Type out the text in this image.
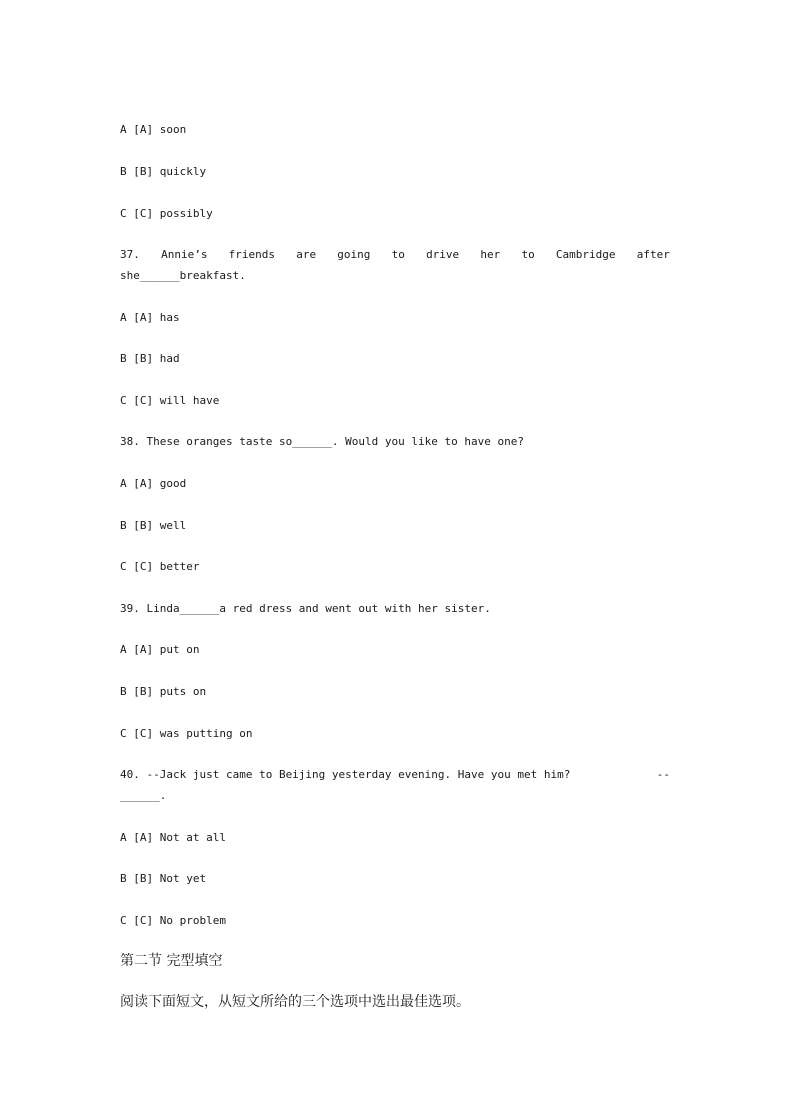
A [A] soon

B [B] quickly

C [C] possibly

37. Annie’s friends are going to drive her to Cambridge after

she______breakfast.

A [A] has

B [B] had

C [C] will have

38. These oranges taste so______. Would you like to have one?

A [A] good

B [B] well

C [C] better

39. Linda______a red dress and went out with her sister.

A [A] put on

B [B] puts on

C [C] was putting on

40. --Jack just came to Beijing yesterday evening. Have you met him?	--

______.

A [A] Not at all

B [B] Not yet

C [C] No problem

第二节 完型填空

阅读下面短文，从短文所给的三个选项中选出最佳选项。
